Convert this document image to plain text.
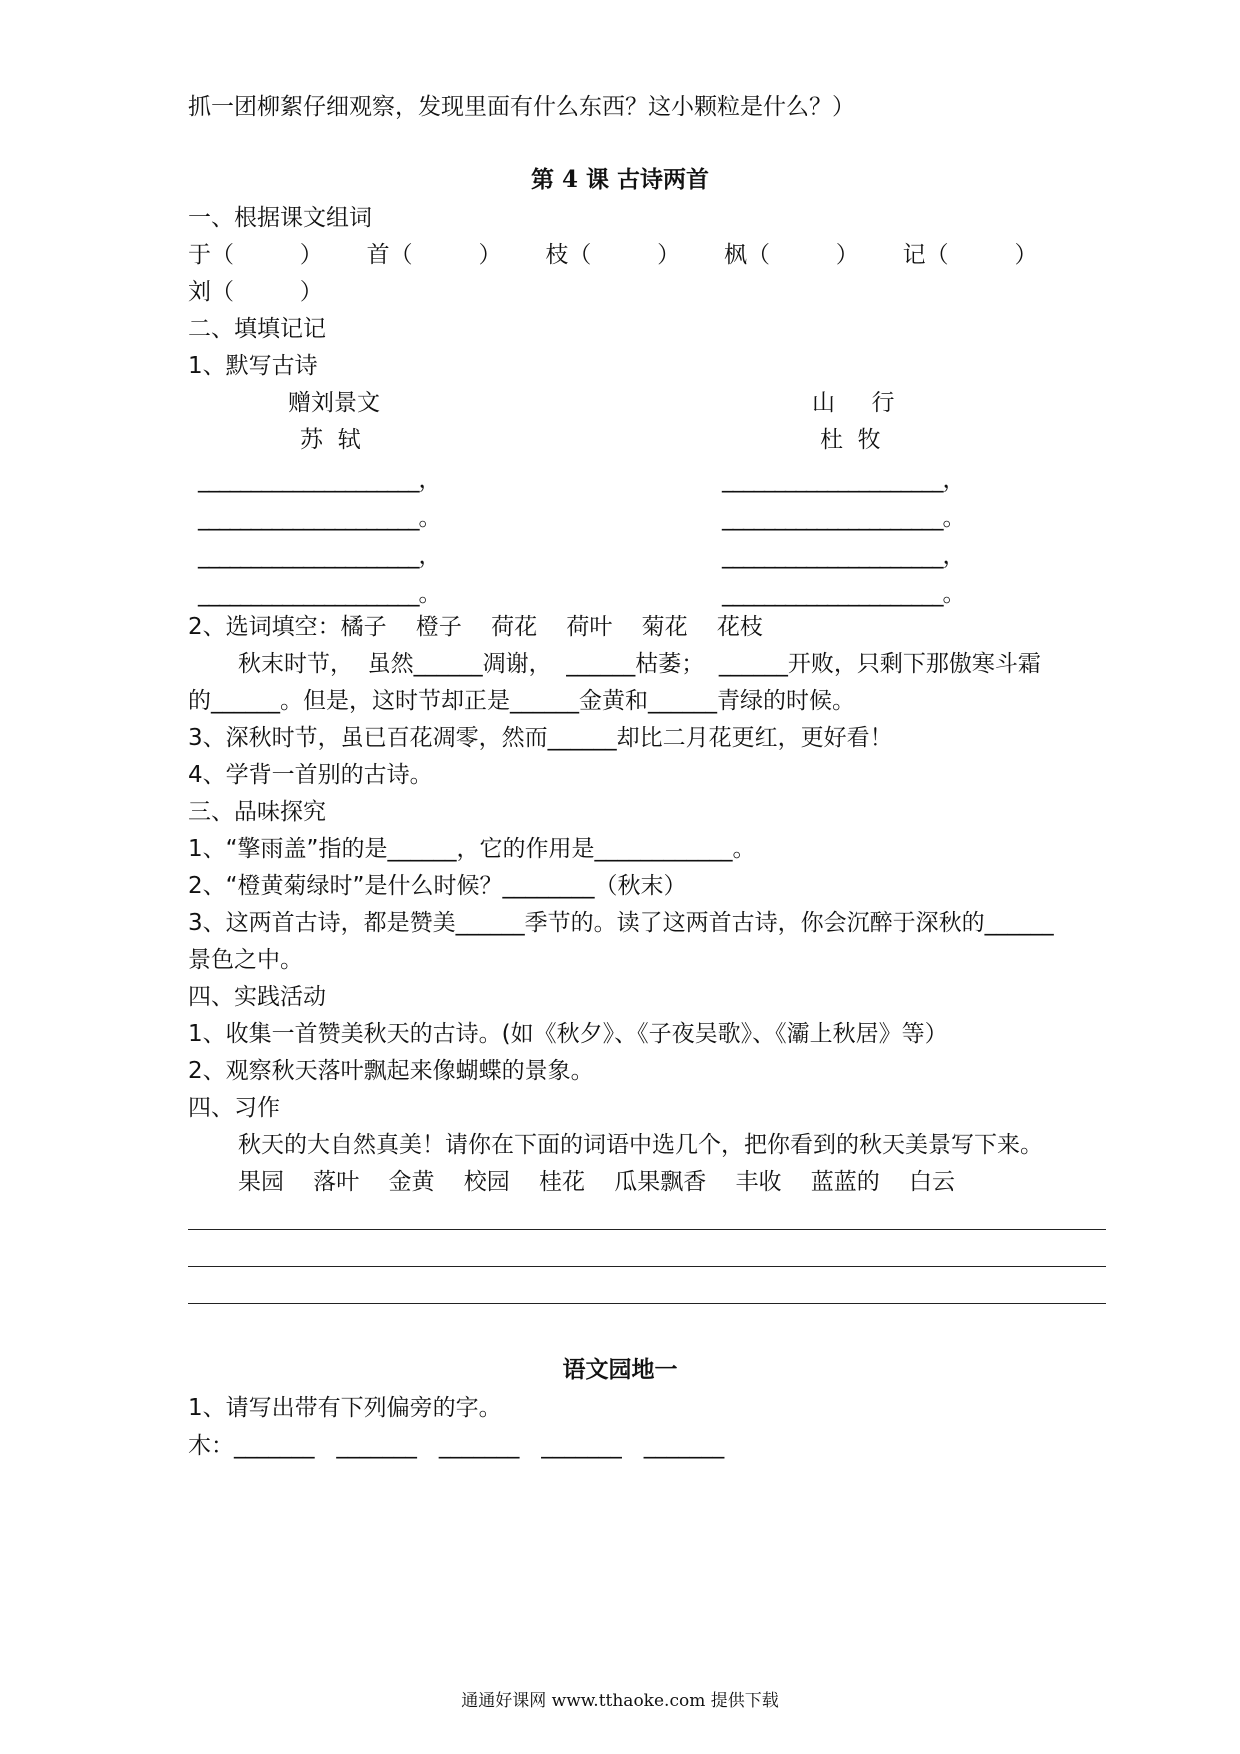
抓一团柳絮仔细观察，发现里面有什么东西？这小颗粒是什么？）
第 4 课 古诗两首
一、根据课文组词
于（         ）      首（         ）      枝（         ）      枫（         ）      记（         ）
刘（         ）
二、填填记记
1、默写古诗
赠刘景文
苏  轼
山     行
杜  牧
_____________________，
_____________________。
_____________________，
_____________________。
_____________________，
_____________________。
_____________________，
_____________________。
2、选词填空：橘子    橙子    荷花    荷叶    菊花    花枝
秋末时节，  虽然______凋谢，  ______枯萎；  ______开败，只剩下那傲寒斗霜
的______。但是，这时节却正是______金黄和______青绿的时候。
3、深秋时节，虽已百花凋零，然而______却比二月花更红，更好看！
4、学背一首别的古诗。
三、品味探究
1、“擎雨盖”指的是______，它的作用是____________。
2、“橙黄菊绿时”是什么时候？________（秋末）
3、这两首古诗，都是赞美______季节的。读了这两首古诗，你会沉醉于深秋的______
景色之中。
四、实践活动
1、收集一首赞美秋天的古诗。(如《秋夕》、《子夜吴歌》、《灞上秋居》等）
2、观察秋天落叶飘起来像蝴蝶的景象。
四、习作
秋天的大自然真美！请你在下面的词语中选几个，把你看到的秋天美景写下来。
果园    落叶    金黄    校园    桂花    瓜果飘香    丰收    蓝蓝的    白云
语文园地一
1、请写出带有下列偏旁的字。
木：_______   _______   _______   _______   _______
通通好课网 www.tthaoke.com 提供下载
